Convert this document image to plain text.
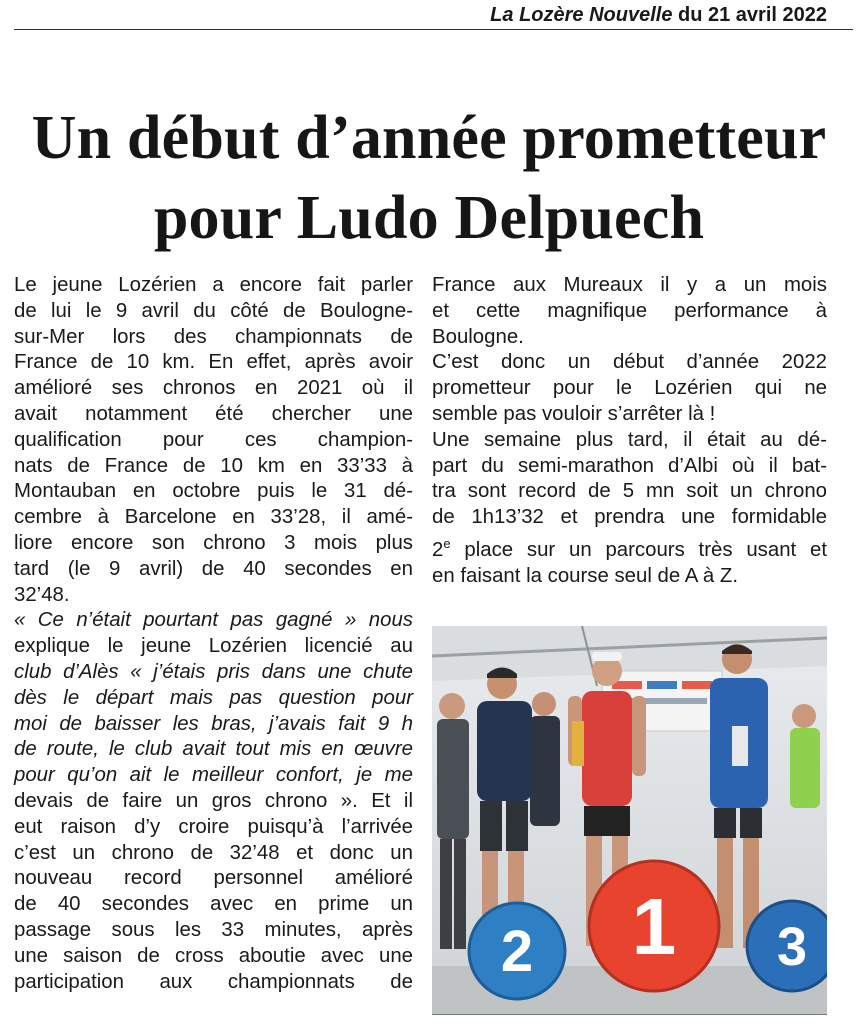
La Lozère Nouvelle du 21 avril 2022
Un début d’année prometteur
pour Ludo Delpuech
Le jeune Lozérien a encore fait parler
de lui le 9 avril du côté de Boulogne-
sur-Mer lors des championnats de
France de 10 km. En effet, après avoir
amélioré ses chronos en 2021 où il
avait notamment été chercher une
qualification pour ces champion-
nats de France de 10 km en 33’33 à
Montauban en octobre puis le 31 dé-
cembre à Barcelone en 33’28, il amé-
liore encore son chrono 3 mois plus
tard (le 9 avril) de 40 secondes en
32’48.
« Ce n’était pourtant pas gagné » nous
explique le jeune Lozérien licencié au
club d’Alès « j’étais pris dans une chute
dès le départ mais pas question pour
moi de baisser les bras, j’avais fait 9 h
de route, le club avait tout mis en œuvre
pour qu’on ait le meilleur confort, je me
devais de faire un gros chrono ». Et il
eut raison d’y croire puisqu’à l’arrivée
c’est un chrono de 32’48 et donc un
nouveau record personnel amélioré
de 40 secondes avec en prime un
passage sous les 33 minutes, après
une saison de cross aboutie avec une
participation aux championnats de
France aux Mureaux il y a un mois
et cette magnifique performance à
Boulogne.
C’est donc un début d’année 2022
prometteur pour le Lozérien qui ne
semble pas vouloir s’arrêter là !
Une semaine plus tard, il était au dé-
part du semi-marathon d’Albi où il bat-
tra sont record de 5 mn soit un chrono
de 1h13’32 et prendra une formidable
2e place sur un parcours très usant et
en faisant la course seul de A à Z.
2 1 3
